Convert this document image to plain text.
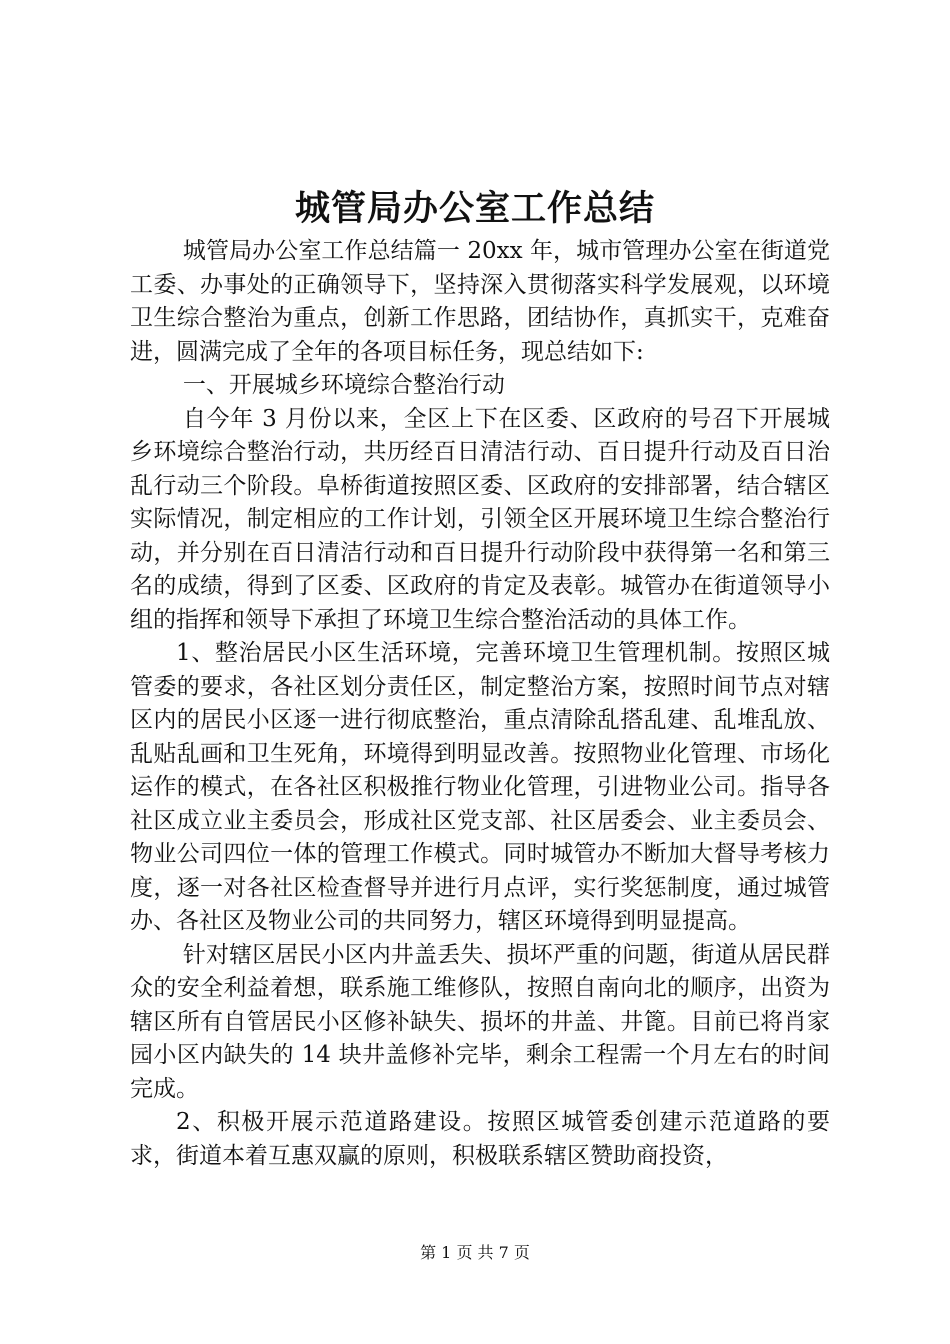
城管局办公室工作总结

城管局办公室工作总结篇一 20xx 年，城市管理办公室在街道党工委、办事处的正确领导下，坚持深入贯彻落实科学发展观，以环境卫生综合整治为重点，创新工作思路，团结协作，真抓实干，克难奋进，圆满完成了全年的各项目标任务，现总结如下:

一、开展城乡环境综合整治行动

自今年 3 月份以来，全区上下在区委、区政府的号召下开展城乡环境综合整治行动，共历经百日清洁行动、百日提升行动及百日治乱行动三个阶段。阜桥街道按照区委、区政府的安排部署，结合辖区实际情况，制定相应的工作计划，引领全区开展环境卫生综合整治行动，并分别在百日清洁行动和百日提升行动阶段中获得第一名和第三名的成绩，得到了区委、区政府的肯定及表彰。城管办在街道领导小组的指挥和领导下承担了环境卫生综合整治活动的具体工作。

1、整治居民小区生活环境，完善环境卫生管理机制。按照区城管委的要求，各社区划分责任区，制定整治方案，按照时间节点对辖区内的居民小区逐一进行彻底整治，重点清除乱搭乱建、乱堆乱放、乱贴乱画和卫生死角，环境得到明显改善。按照物业化管理、市场化运作的模式，在各社区积极推行物业化管理，引进物业公司。指导各社区成立业主委员会，形成社区党支部、社区居委会、业主委员会、物业公司四位一体的管理工作模式。同时城管办不断加大督导考核力度，逐一对各社区检查督导并进行月点评，实行奖惩制度，通过城管办、各社区及物业公司的共同努力，辖区环境得到明显提高。

针对辖区居民小区内井盖丢失、损坏严重的问题，街道从居民群众的安全利益着想，联系施工维修队，按照自南向北的顺序，出资为辖区所有自管居民小区修补缺失、损坏的井盖、井篦。目前已将肖家园小区内缺失的 14 块井盖修补完毕，剩余工程需一个月左右的时间完成。

2、积极开展示范道路建设。按照区城管委创建示范道路的要求，街道本着互惠双赢的原则，积极联系辖区赞助商投资，

第 1 页 共 7 页
